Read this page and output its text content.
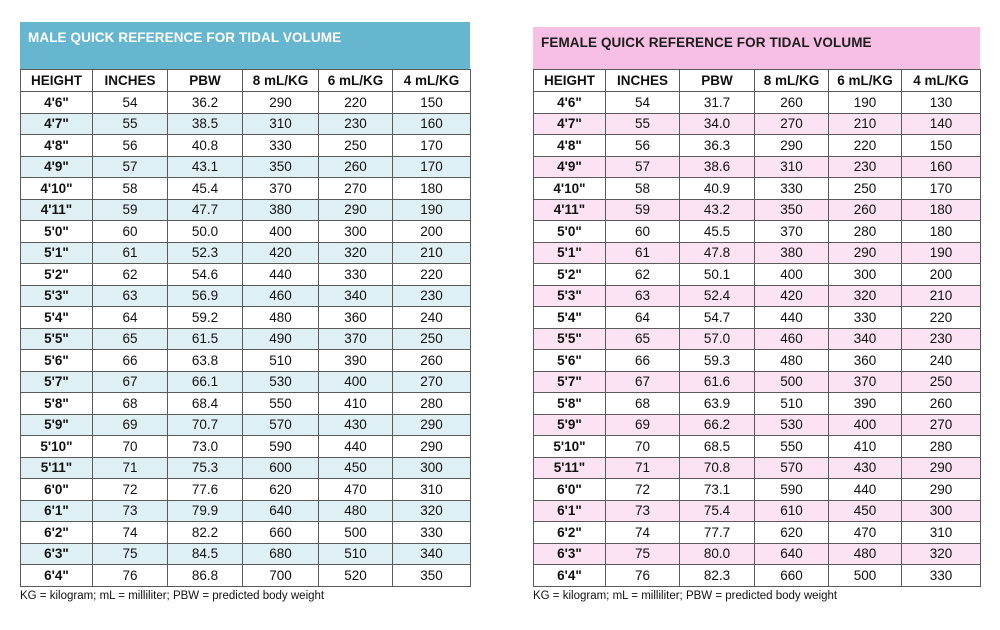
MALE QUICK REFERENCE FOR TIDAL VOLUME
HEIGHT	INCHES	PBW	8 mL/KG	6 mL/KG	4 mL/KG
4'6"	54	36.2	290	220	150
4'7"	55	38.5	310	230	160
4'8"	56	40.8	330	250	170
4'9"	57	43.1	350	260	170
4'10"	58	45.4	370	270	180
4'11"	59	47.7	380	290	190
5'0"	60	50.0	400	300	200
5'1"	61	52.3	420	320	210
5'2"	62	54.6	440	330	220
5'3"	63	56.9	460	340	230
5'4"	64	59.2	480	360	240
5'5"	65	61.5	490	370	250
5'6"	66	63.8	510	390	260
5'7"	67	66.1	530	400	270
5'8"	68	68.4	550	410	280
5'9"	69	70.7	570	430	290
5'10"	70	73.0	590	440	290
5'11"	71	75.3	600	450	300
6'0"	72	77.6	620	470	310
6'1"	73	79.9	640	480	320
6'2"	74	82.2	660	500	330
6'3"	75	84.5	680	510	340
6'4"	76	86.8	700	520	350
KG = kilogram; mL = milliliter; PBW = predicted body weight
FEMALE QUICK REFERENCE FOR TIDAL VOLUME
HEIGHT	INCHES	PBW	8 mL/KG	6 mL/KG	4 mL/KG
4'6"	54	31.7	260	190	130
4'7"	55	34.0	270	210	140
4'8"	56	36.3	290	220	150
4'9"	57	38.6	310	230	160
4'10"	58	40.9	330	250	170
4'11"	59	43.2	350	260	180
5'0"	60	45.5	370	280	180
5'1"	61	47.8	380	290	190
5'2"	62	50.1	400	300	200
5'3"	63	52.4	420	320	210
5'4"	64	54.7	440	330	220
5'5"	65	57.0	460	340	230
5'6"	66	59.3	480	360	240
5'7"	67	61.6	500	370	250
5'8"	68	63.9	510	390	260
5'9"	69	66.2	530	400	270
5'10"	70	68.5	550	410	280
5'11"	71	70.8	570	430	290
6'0"	72	73.1	590	440	290
6'1"	73	75.4	610	450	300
6'2"	74	77.7	620	470	310
6'3"	75	80.0	640	480	320
6'4"	76	82.3	660	500	330
KG = kilogram; mL = milliliter; PBW = predicted body weight
